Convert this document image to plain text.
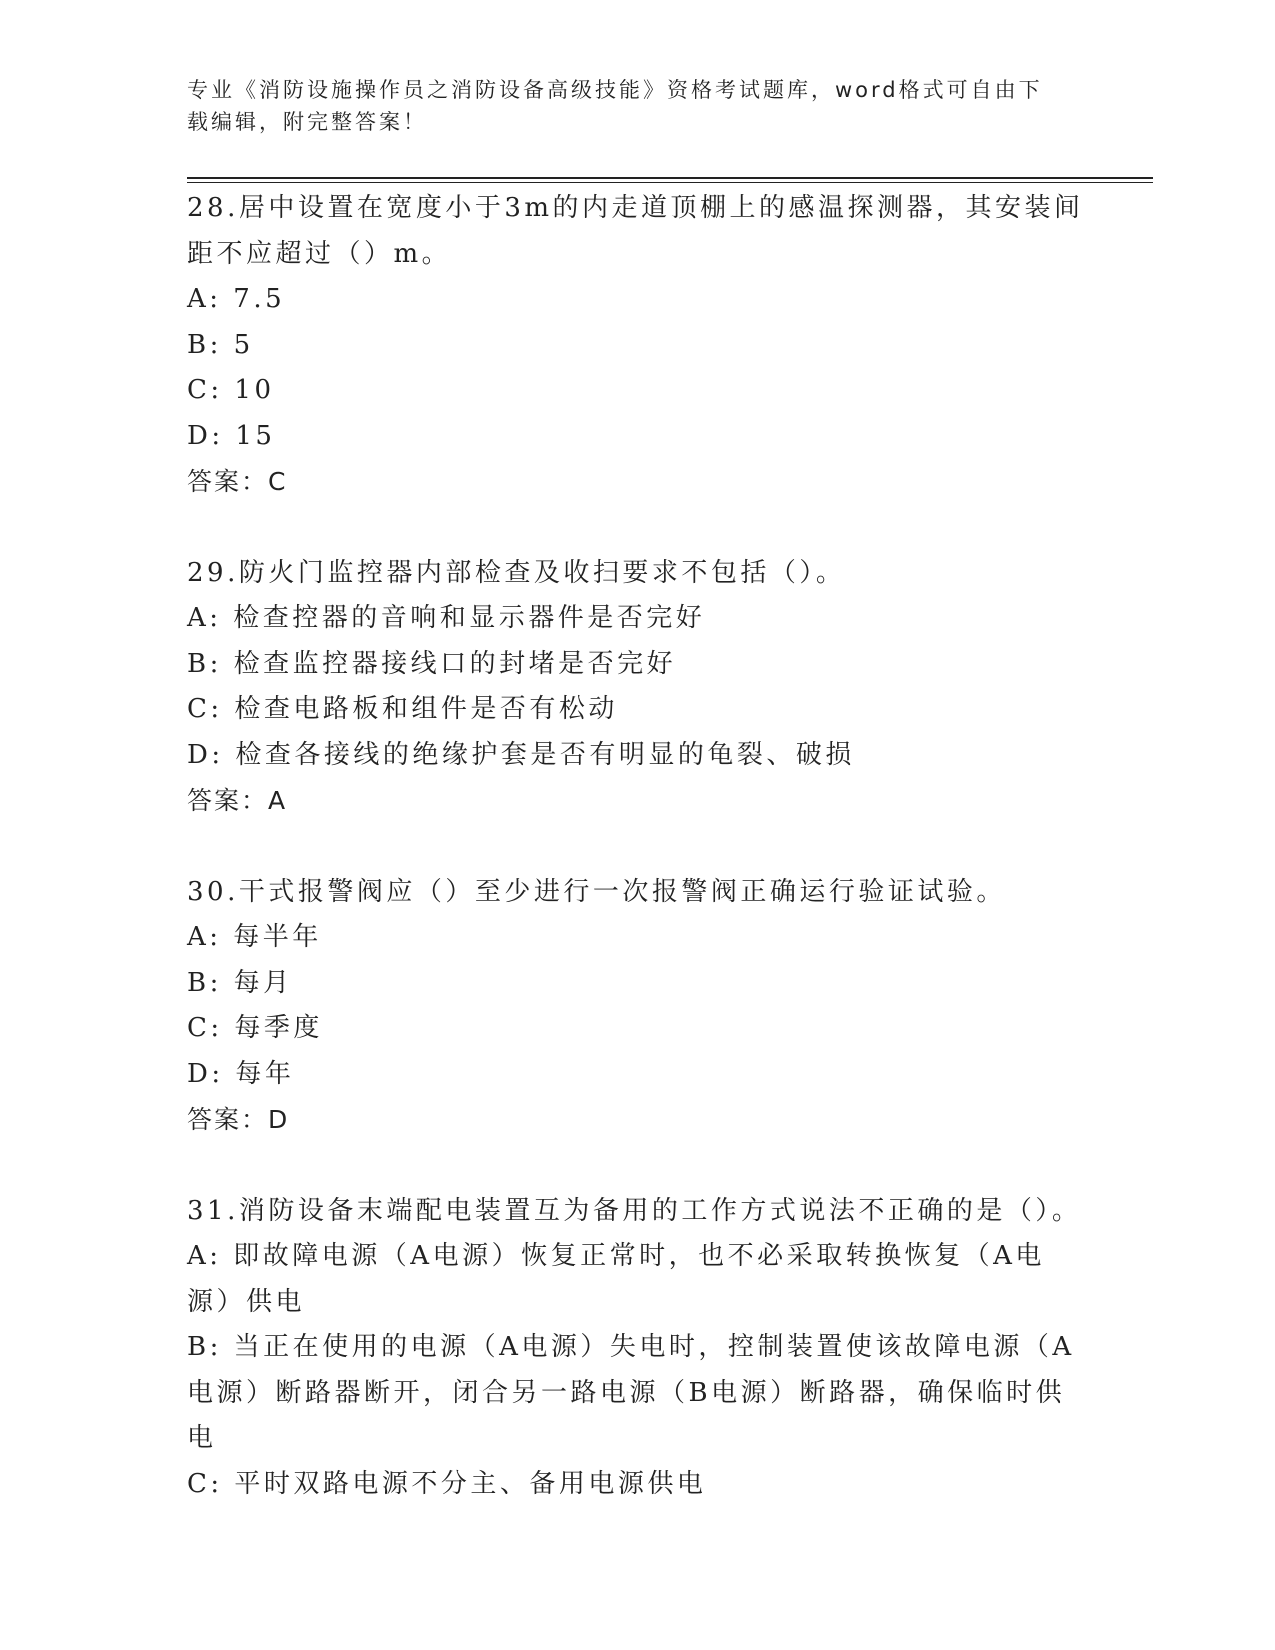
专业《消防设施操作员之消防设备高级技能》资格考试题库，word格式可自由下
载编辑，附完整答案！
28.居中设置在宽度小于3m的内走道顶棚上的感温探测器，其安装间距不应超过（）m。
A: 7.5
B: 5
C: 10
D: 15
答案：C
29.防火门监控器内部检查及收扫要求不包括（）。
A: 检查控器的音响和显示器件是否完好
B: 检查监控器接线口的封堵是否完好
C: 检查电路板和组件是否有松动
D: 检查各接线的绝缘护套是否有明显的龟裂、破损
答案：A
30.干式报警阀应（）至少进行一次报警阀正确运行验证试验。
A: 每半年
B: 每月
C: 每季度
D: 每年
答案：D
31.消防设备末端配电装置互为备用的工作方式说法不正确的是（）。
A: 即故障电源（A电源）恢复正常时，也不必采取转换恢复（A电源）供电
B: 当正在使用的电源（A电源）失电时，控制装置使该故障电源（A电源）断路器断开，闭合另一路电源（B电源）断路器，确保临时供电
C: 平时双路电源不分主、备用电源供电
